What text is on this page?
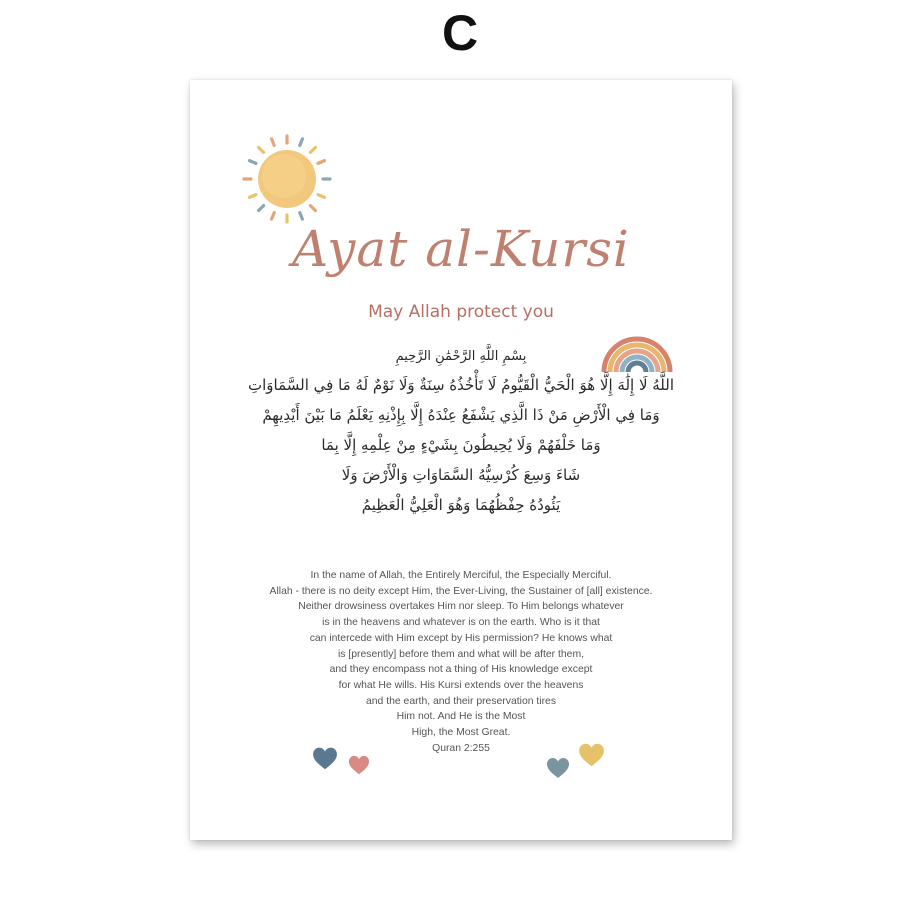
C
Ayat al-Kursi
May Allah protect you
بِسْمِ اللَّهِ الرَّحْمَٰنِ الرَّحِيمِ
اللَّهُ لَا إِلَٰهَ إِلَّا هُوَ الْحَيُّ الْقَيُّومُ لَا تَأْخُذُهُ سِنَةٌ وَلَا نَوْمٌ لَهُ مَا فِي السَّمَاوَاتِ
وَمَا فِي الْأَرْضِ مَنْ ذَا الَّذِي يَشْفَعُ عِنْدَهُ إِلَّا بِإِذْنِهِ يَعْلَمُ مَا بَيْنَ أَيْدِيهِمْ
وَمَا خَلْفَهُمْ وَلَا يُحِيطُونَ بِشَيْءٍ مِنْ عِلْمِهِ إِلَّا بِمَا
شَاءَ وَسِعَ كُرْسِيُّهُ السَّمَاوَاتِ وَالْأَرْضَ وَلَا
يَئُودُهُ حِفْظُهُمَا وَهُوَ الْعَلِيُّ الْعَظِيمُ
In the name of Allah, the Entirely Merciful, the Especially Merciful.
Allah - there is no deity except Him, the Ever-Living, the Sustainer of [all] existence.
Neither drowsiness overtakes Him nor sleep. To Him belongs whatever
is in the heavens and whatever is on the earth. Who is it that
can intercede with Him except by His permission? He knows what
is [presently] before them and what will be after them,
and they encompass not a thing of His knowledge except
for what He wills. His Kursi extends over the heavens
and the earth, and their preservation tires
Him not. And He is the Most
High, the Most Great.
Quran 2:255
